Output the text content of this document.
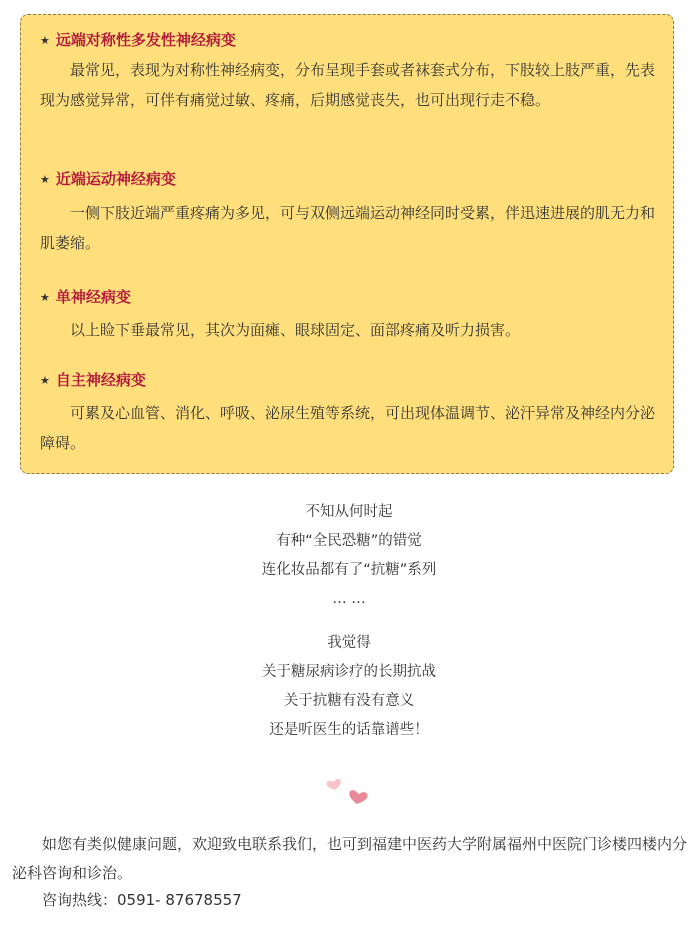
★ 远端对称性多发性神经病变

最常见，表现为对称性神经病变，分布呈现手套或者袜套式分布，下肢较上肢严重，先表现为感觉异常，可伴有痛觉过敏、疼痛，后期感觉丧失，也可出现行走不稳。

★ 近端运动神经病变

一侧下肢近端严重疼痛为多见，可与双侧远端运动神经同时受累，伴迅速进展的肌无力和肌萎缩。

★ 单神经病变

以上睑下垂最常见，其次为面瘫、眼球固定、面部疼痛及听力损害。

★ 自主神经病变

可累及心血管、消化、呼吸、泌尿生殖等系统，可出现体温调节、泌汗异常及神经内分泌障碍。

不知从何时起
有种“全民恐糖”的错觉
连化妆品都有了“抗糖”系列
… …
我觉得
关于糖尿病诊疗的长期抗战
关于抗糖有没有意义
还是听医生的话靠谱些！

如您有类似健康问题，欢迎致电联系我们，也可到福建中医药大学附属福州中医院门诊楼四楼内分泌科咨询和诊治。

咨询热线：0591- 87678557
